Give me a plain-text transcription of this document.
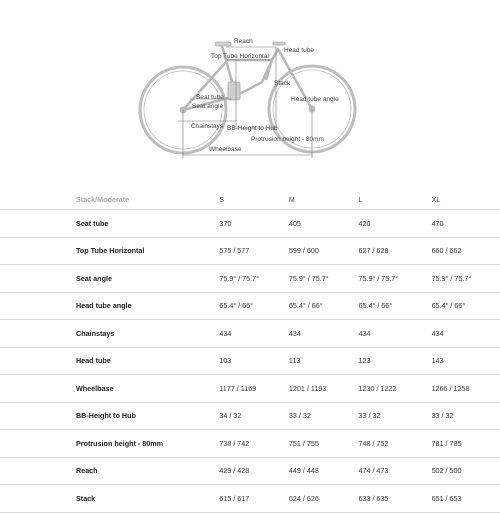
Reach
Head tube
Top Tube Horizontal
Stack
Head tube angle
Seat tube
Seat angle
Chainstays BB-Height to Hub
Protrusion height - 80mm
Wheelbase
Stack/Moderate	S	M	L	XL
Seat tube	370	405	420	470
Top Tube Horizontal	575 / 577	599 / 600	627 / 628	660 / 662
Seat angle	75.9° / 75.7°	75.9° / 75.7°	75.9° / 75.7°	75.9° / 75.7°
Head tube angle	65.4° / 66°	65.4° / 66°	65.4° / 66°	65.4° / 66°
Chainstays	434	434	434	434
Head tube	103	113	123	143
Wheelbase	1177 / 1169	1201 / 1193	1230 / 1222	1266 / 1258
BB-Height to Hub	34 / 32	33 / 32	33 / 32	33 / 32
Protrusion height - 80mm	738 / 742	751 / 755	748 / 752	781 / 785
Reach	429 / 428	449 / 448	474 / 473	502 / 500
Stack	615 / 617	624 / 626	633 / 635	651 / 653
